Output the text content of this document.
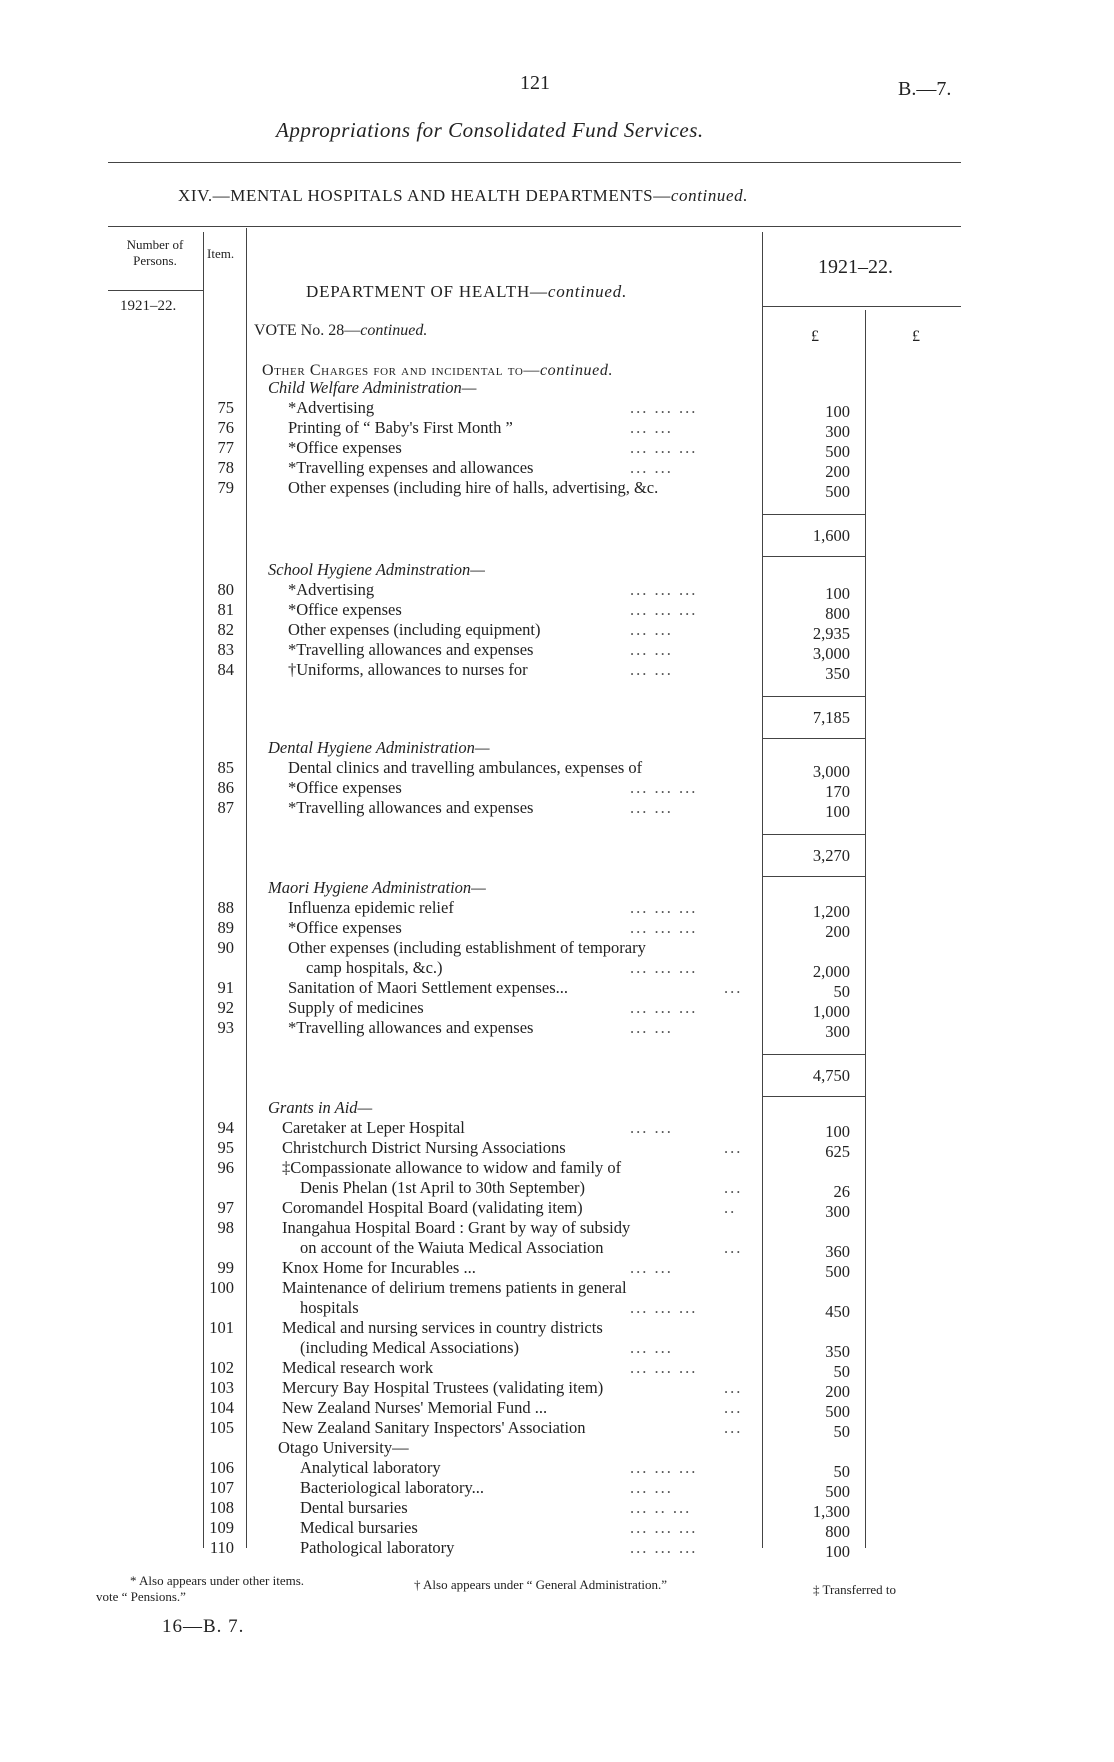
121	B.—7.
Appropriations for Consolidated Fund Services.
XIV.—MENTAL HOSPITALS AND HEALTH DEPARTMENTS—continued.
Number of Persons.	Item.
1921–22.
1921–22.
£	£
DEPARTMENT OF HEALTH—continued.
VOTE No. 28—continued.
Other Charges for and incidental to—continued.
Child Welfare Administration—
75	*Advertising	... ... ...	100
76	Printing of “ Baby's First Month ”	... ...	300
77	*Office expenses	... ... ...	500
78	*Travelling expenses and allowances	... ...	200
79	Other expenses (including hire of halls, advertising, &c.	500
1,600
School Hygiene Adminstration—
80	*Advertising	... ... ...	100
81	*Office expenses	... ... ...	800
82	Other expenses (including equipment)	... ...	2,935
83	*Travelling allowances and expenses	... ...	3,000
84	†Uniforms, allowances to nurses for	... ...	350
7,185
Dental Hygiene Administration—
85	Dental clinics and travelling ambulances, expenses of	3,000
86	*Office expenses	... ... ...	170
87	*Travelling allowances and expenses	... ...	100
3,270
Maori Hygiene Administration—
88	Influenza epidemic relief	... ... ...	1,200
89	*Office expenses	... ... ...	200
90	Other expenses (including establishment of temporary
camp hospitals, &c.)	... ... ...	2,000
91	Sanitation of Maori Settlement expenses...	...	50
92	Supply of medicines	... ... ...	1,000
93	*Travelling allowances and expenses	... ...	300
4,750
Grants in Aid—
94	Caretaker at Leper Hospital	... ...	100
95	Christchurch District Nursing Associations	...	625
96	‡Compassionate allowance to widow and family of
Denis Phelan (1st April to 30th September)	...	26
97	Coromandel Hospital Board (validating item)	..	300
98	Inangahua Hospital Board : Grant by way of subsidy
on account of the Waiuta Medical Association	...	360
99	Knox Home for Incurables ...	... ...	500
100	Maintenance of delirium tremens patients in general
hospitals	... ... ...	450
101	Medical and nursing services in country districts
(including Medical Associations)	... ...	350
102	Medical research work	... ... ...	50
103	Mercury Bay Hospital Trustees (validating item)	...	200
104	New Zealand Nurses' Memorial Fund ...	...	500
105	New Zealand Sanitary Inspectors' Association	...	50
Otago University—
106	Analytical laboratory	... ... ...	50
107	Bacteriological laboratory...	... ...	500
108	Dental bursaries	... .. ...	1,300
109	Medical bursaries	... ... ...	800
110	Pathological laboratory	... ... ...	100
* Also appears under other items.	† Also appears under “ General Administration.”	‡ Transferred to
vote “ Pensions.”
16—B. 7.
